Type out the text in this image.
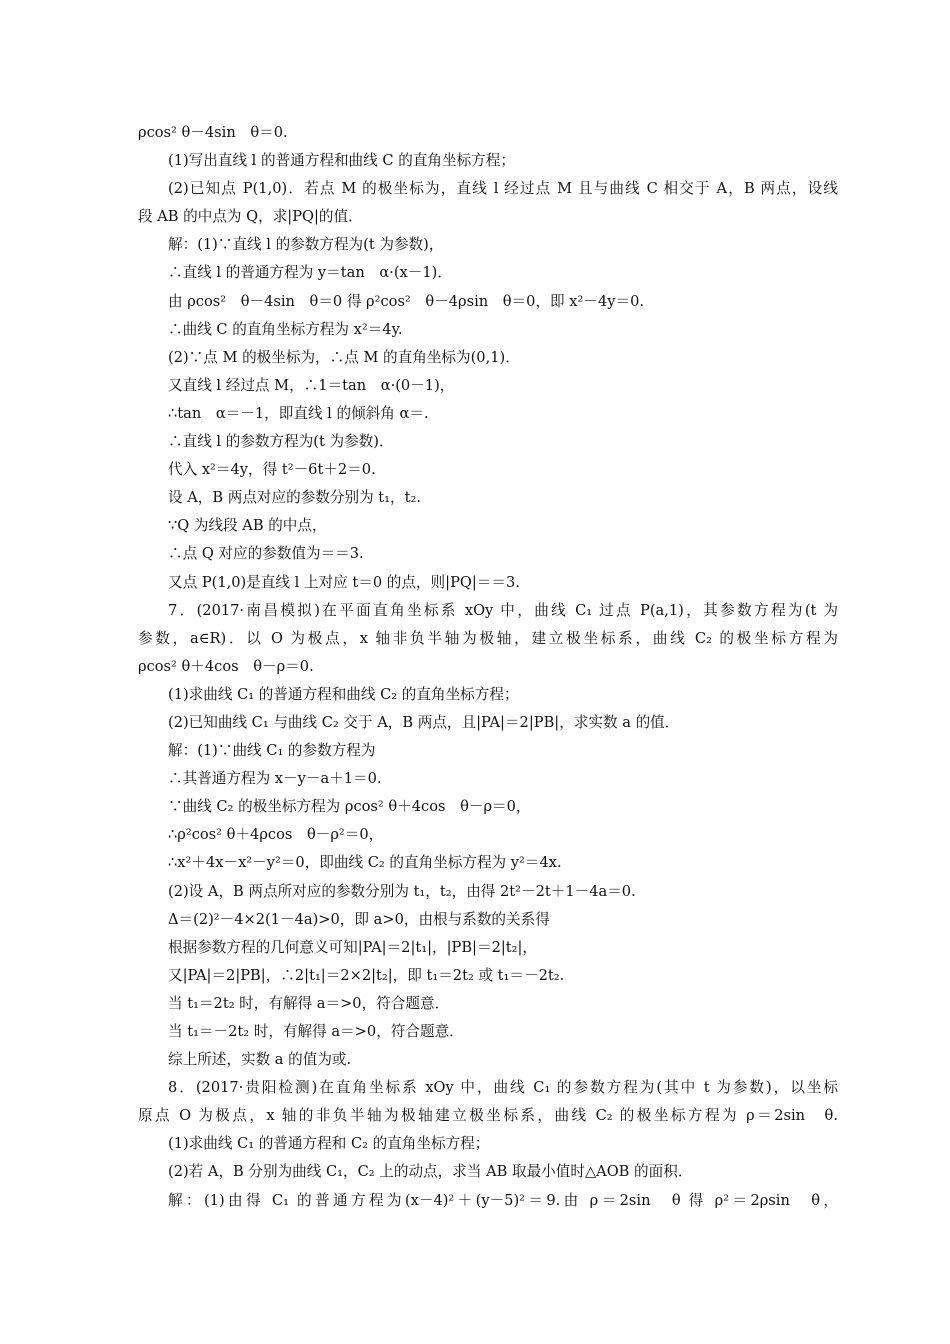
ρcos² θ－4sin　θ＝0.
(1)写出直线 l 的普通方程和曲线 C 的直角坐标方程；
(2)已知点 P(1,0)．若点 M 的极坐标为，直线 l 经过点 M 且与曲线 C 相交于 A，B 两点，设线
段 AB 的中点为 Q，求|PQ|的值．
解：(1)∵直线 l 的参数方程为(t 为参数)，
∴直线 l 的普通方程为 y＝tan　α·(x－1)．
由 ρcos²　θ－4sin　θ＝0 得 ρ²cos²　θ－4ρsin　θ＝0，即 x²－4y＝0.
∴曲线 C 的直角坐标方程为 x²＝4y.
(2)∵点 M 的极坐标为，∴点 M 的直角坐标为(0,1)．
又直线 l 经过点 M，∴1＝tan　α·(0－1)，
∴tan　α＝－1，即直线 l 的倾斜角 α＝.
∴直线 l 的参数方程为(t 为参数)．
代入 x²＝4y，得 t²－6t＋2＝0.
设 A，B 两点对应的参数分别为 t₁，t₂.
∵Q 为线段 AB 的中点，
∴点 Q 对应的参数值为＝＝3.
又点 P(1,0)是直线 l 上对应 t＝0 的点，则|PQ|＝＝3.
7．(2017·南昌模拟)在平面直角坐标系 xOy 中，曲线 C₁ 过点 P(a,1)，其参数方程为(t 为
参数，a∈R)．以 O 为极点，x 轴非负半轴为极轴，建立极坐标系，曲线 C₂ 的极坐标方程为
ρcos² θ＋4cos　θ－ρ＝0.
(1)求曲线 C₁ 的普通方程和曲线 C₂ 的直角坐标方程；
(2)已知曲线 C₁ 与曲线 C₂ 交于 A，B 两点，且|PA|＝2|PB|，求实数 a 的值．
解：(1)∵曲线 C₁ 的参数方程为
∴其普通方程为 x－y－a＋1＝0.
∵曲线 C₂ 的极坐标方程为 ρcos² θ＋4cos　θ－ρ＝0，
∴ρ²cos² θ＋4ρcos　θ－ρ²＝0，
∴x²＋4x－x²－y²＝0，即曲线 C₂ 的直角坐标方程为 y²＝4x.
(2)设 A，B 两点所对应的参数分别为 t₁，t₂，由得 2t²－2t＋1－4a＝0.
Δ＝(2)²－4×2(1－4a)>0，即 a>0，由根与系数的关系得
根据参数方程的几何意义可知|PA|＝2|t₁|，|PB|＝2|t₂|，
又|PA|＝2|PB|，∴2|t₁|＝2×2|t₂|，即 t₁＝2t₂ 或 t₁＝－2t₂.
当 t₁＝2t₂ 时，有解得 a＝>0，符合题意．
当 t₁＝－2t₂ 时，有解得 a＝>0，符合题意．
综上所述，实数 a 的值为或.
8．(2017·贵阳检测)在直角坐标系 xOy 中，曲线 C₁ 的参数方程为(其中 t 为参数)，以坐标
原点 O 为极点，x 轴的非负半轴为极轴建立极坐标系，曲线 C₂ 的极坐标方程为 ρ＝2sin　θ.
(1)求曲线 C₁ 的普通方程和 C₂ 的直角坐标方程；
(2)若 A，B 分别为曲线 C₁，C₂ 上的动点，求当 AB 取最小值时△AOB 的面积．
解：(1)由得 C₁ 的普通方程为(x－4)²＋(y－5)²＝9.由 ρ＝2sin　θ 得 ρ²＝2ρsin　θ，
